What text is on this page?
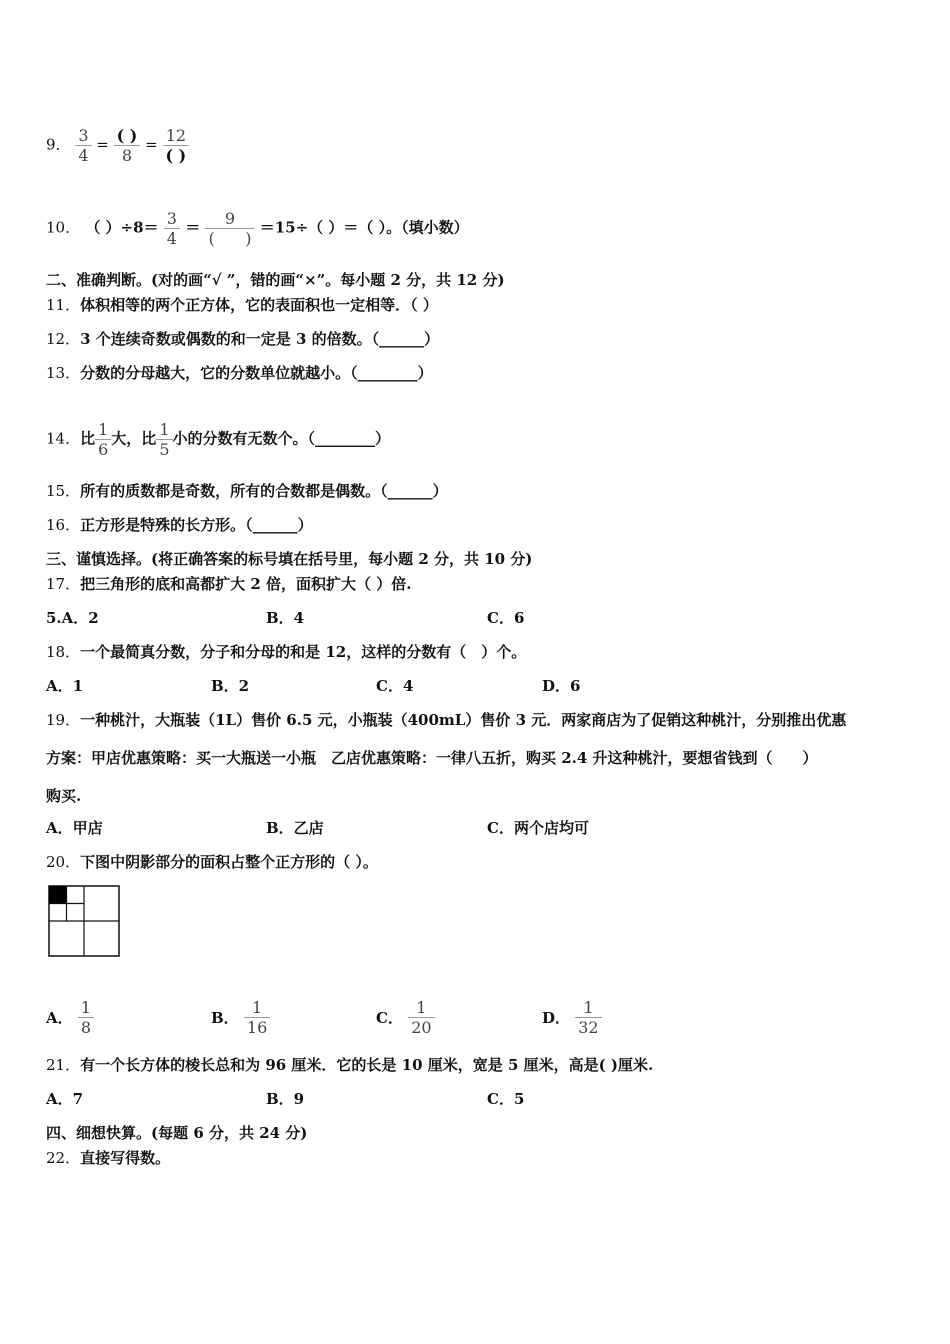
9． $\frac{3}{4} = \frac{( )}{8} = \frac{12}{( )}$
10． （ ）$\div 8= \frac{3}{4} = \frac{9}{( )} =15\div$（ ）＝（ ）。（填小数）
二、准确判断。(对的画“√ ”，错的画“×”。每小题 2 分，共 12 分)
11．体积相等的两个正方体，它的表面积也一定相等．（ ）
12．3 个连续奇数或偶数的和一定是 3 的倍数。（______）
13．分数的分母越大，它的分数单位就越小。（________）
14．比 $\frac{1}{6}$ 大，比 $\frac{1}{5}$ 小的分数有无数个。（________）
15．所有的质数都是奇数，所有的合数都是偶数。（______）
16．正方形是特殊的长方形。（______）
三、谨慎选择。(将正确答案的标号填在括号里，每小题 2 分，共 10 分)
17．把三角形的底和高都扩大 2 倍，面积扩大（ ）倍.
5.A．2	B．4	C．6
18．一个最简真分数，分子和分母的和是 12，这样的分数有（　）个。
A．1	B．2	C．4	D．6
19．一种桃汁，大瓶装（1L）售价 6.5 元，小瓶装（400mL）售价 3 元．两家商店为了促销这种桃汁，分别推出优惠
方案：甲店优惠策略：买一大瓶送一小瓶　乙店优惠策略：一律八五折，购买 2.4 升这种桃汁，要想省钱到（　　）
购买.
A．甲店	B．乙店	C．两个店均可
20．下图中阴影部分的面积占整个正方形的（ ）。
A． $\frac{1}{8}$	B． $\frac{1}{16}$	C． $\frac{1}{20}$	D． $\frac{1}{32}$
21．有一个长方体的棱长总和为 96 厘米．它的长是 10 厘米，宽是 5 厘米，高是( )厘米.
A．7	B．9	C．5
四、细想快算。(每题 6 分，共 24 分)
22．直接写得数。
